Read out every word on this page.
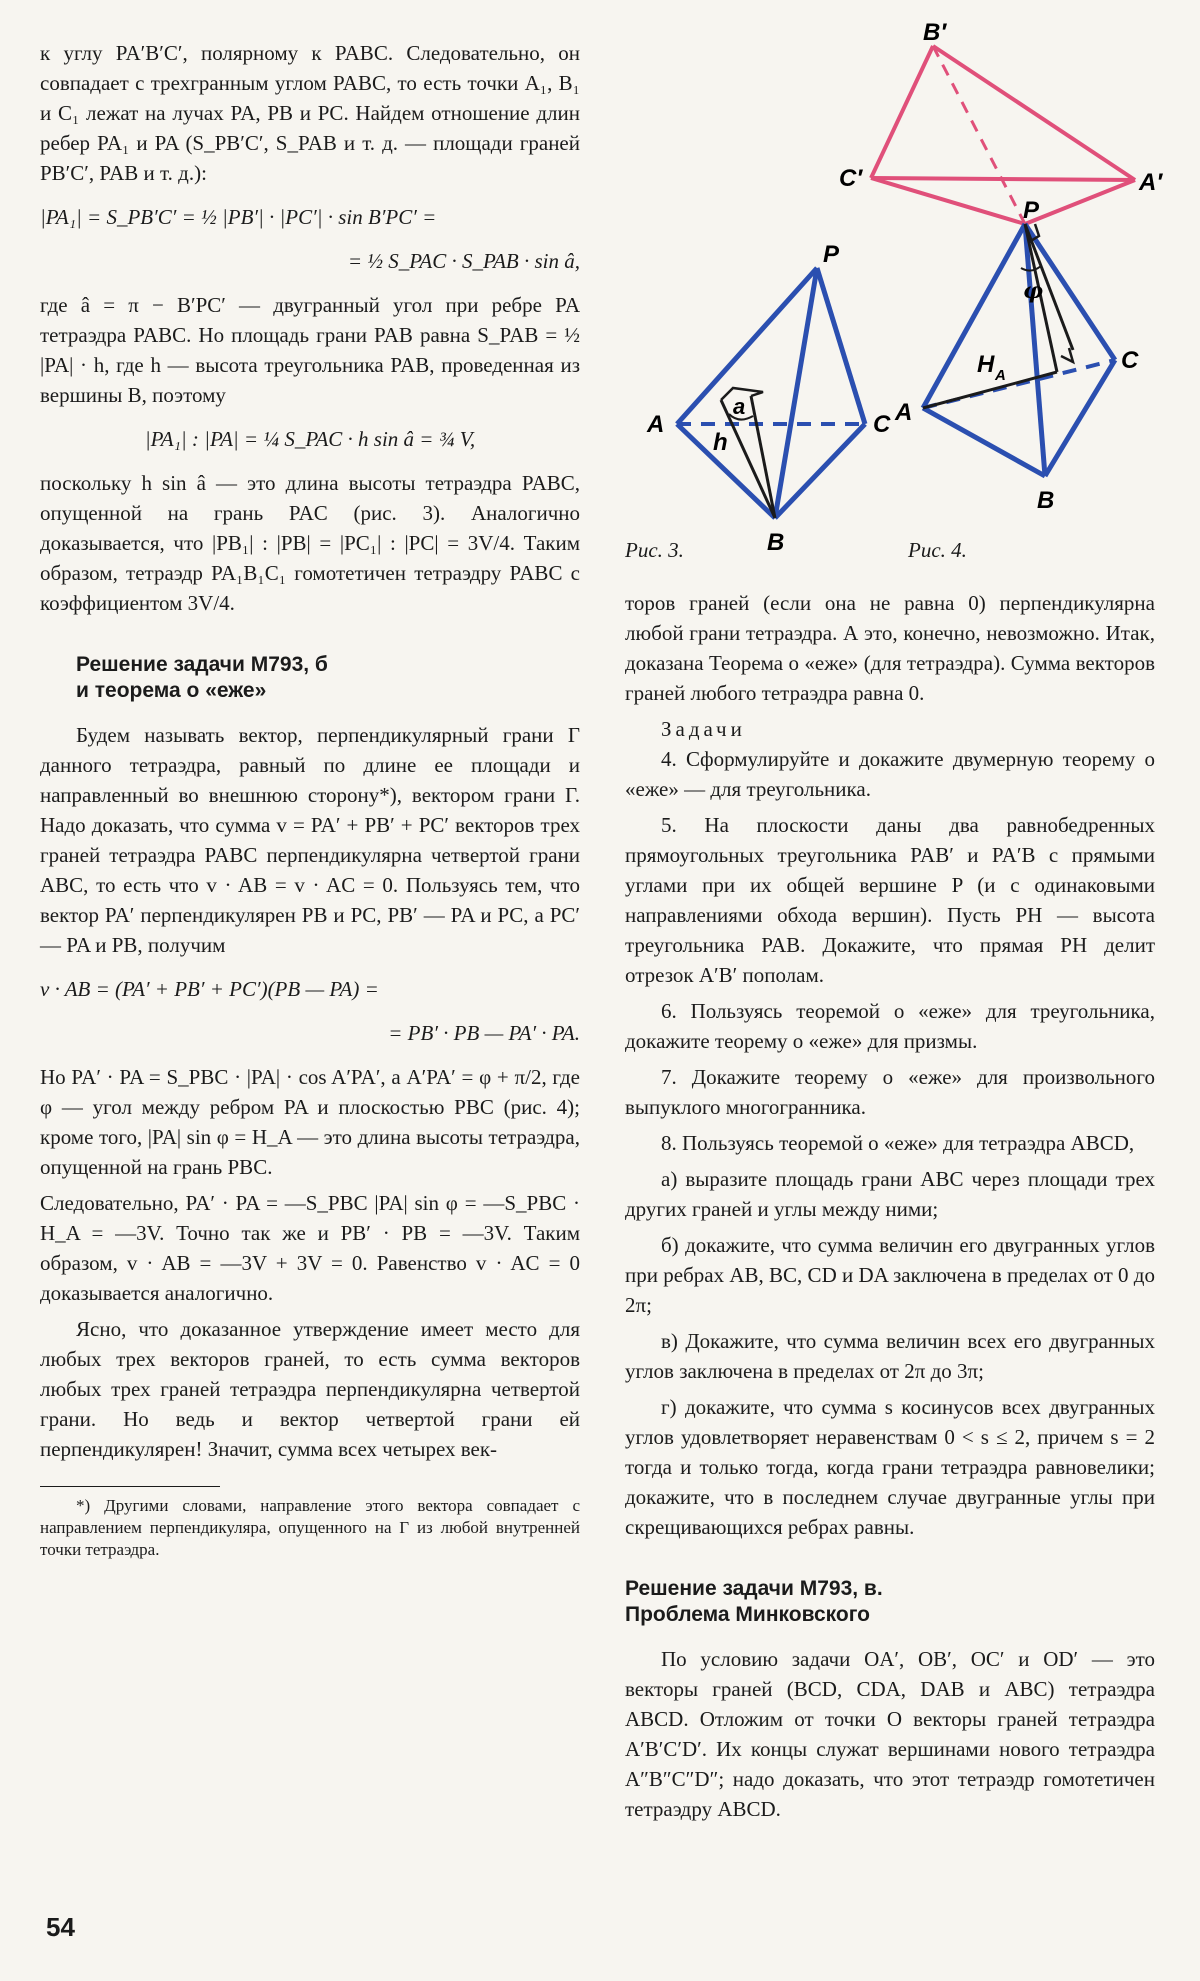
к углу PA′B′C′, полярному к PABC. Следовательно, он совпадает с трехгранным углом PABC, то есть точки A₁, B₁ и C₁ лежат на лучах PA, PB и PC. Найдем отношение длин ребер PA₁ и PA (S_PB′C′, S_PAB и т. д. — площади граней PB′C′, PAB и т. д.):

|PA₁| = S_PB′C′ = ½ |PB′| · |PC′| · sin B′PC′ =
= ½ S_PAC · S_PAB · sin â,

где â = π − B′PC′ — двугранный угол при ребре PA тетраэдра PABC. Но площадь грани PAB равна S_PAB = ½ |PA| · h, где h — высота треугольника PAB, проведенная из вершины B, поэтому

|PA₁| : |PA| = ¼ S_PAC · h sin â = ¾ V,

поскольку h sin â — это длина высоты тетраэдра PABC, опущенной на грань PAC (рис. 3). Аналогично доказывается, что |PB₁| : |PB| = |PC₁| : |PC| = 3V/4. Таким образом, тетраэдр PA₁B₁C₁ гомотетичен тетраэдру PABC с коэффициентом 3V/4.

Решение задачи М793, б
и теорема о «еже»

Будем называть вектор, перпендикулярный грани Г данного тетраэдра, равный по длине ее площади и направленный во внешнюю сторону*), вектором грани Г. Надо доказать, что сумма v = PA′ + PB′ + PC′ векторов трех граней тетраэдра PABC перпендикулярна четвертой грани ABC, то есть что v · AB = v · AC = 0. Пользуясь тем, что вектор PA′ перпендикулярен PB и PC, PB′ — PA и PC, а PC′ — PA и PB, получим

v · AB = (PA′ + PB′ + PC′)(PB — PA) =
= PB′ · PB — PA′ · PA.

Но PA′ · PA = S_PBC · |PA| · cos A′PA′, а A′PA′ = φ + π/2, где φ — угол между ребром PA и плоскостью PBC (рис. 4); кроме того, |PA| sin φ = H_A — это длина высоты тетраэдра, опущенной на грань PBC.

Следовательно, PA′ · PA = —S_PBC |PA| sin φ = —S_PBC · H_A = —3V. Точно так же и PB′ · PB = —3V. Таким образом, v · AB = —3V + 3V = 0. Равенство v · AC = 0 доказывается аналогично.

Ясно, что доказанное утверждение имеет место для любых трех векторов граней, то есть сумма векторов любых трех граней тетраэдра перпендикулярна четвертой грани. Но ведь и вектор четвертой грани ей перпендикулярен! Значит, сумма всех четырех век-

*) Другими словами, направление этого вектора совпадает с направлением перпендикуляра, опущенного на Г из любой внутренней точки тетраэдра.

P
A	C
B
a
h
B′
C′	A′
P
φ
A
C
B
H A
Рис. 3.	Рис. 4.

торов граней (если она не равна 0) перпендикулярна любой грани тетраэдра. А это, конечно, невозможно. Итак, доказана Теорема о «еже» (для тетраэдра). Сумма векторов граней любого тетраэдра равна 0.

Задачи

4. Сформулируйте и докажите двумерную теорему о «еже» — для треугольника.

5. На плоскости даны два равнобедренных прямоугольных треугольника PAB′ и PA′B с прямыми углами при их общей вершине P (и с одинаковыми направлениями обхода вершин). Пусть PH — высота треугольника PAB. Докажите, что прямая PH делит отрезок A′B′ пополам.

6. Пользуясь теоремой о «еже» для треугольника, докажите теорему о «еже» для призмы.

7. Докажите теорему о «еже» для произвольного выпуклого многогранника.

8. Пользуясь теоремой о «еже» для тетраэдра ABCD,

а) выразите площадь грани ABC через площади трех других граней и углы между ними;

б) докажите, что сумма величин его двугранных углов при ребрах AB, BC, CD и DA заключена в пределах от 0 до 2π;

в) Докажите, что сумма величин всех его двугранных углов заключена в пределах от 2π до 3π;

г) докажите, что сумма s косинусов всех двугранных углов удовлетворяет неравенствам 0 < s ≤ 2, причем s = 2 тогда и только тогда, когда грани тетраэдра равновелики; докажите, что в последнем случае двугранные углы при скрещивающихся ребрах равны.

Решение задачи М793, в.
Проблема Минковского

По условию задачи OA′, OB′, OC′ и OD′ — это векторы граней (BCD, CDA, DAB и ABC) тетраэдра ABCD. Отложим от точки O векторы граней тетраэдра A′B′C′D′. Их концы служат вершинами нового тетраэдра A″B″C″D″; надо доказать, что этот тетраэдр гомотетичен тетраэдру ABCD.

54
